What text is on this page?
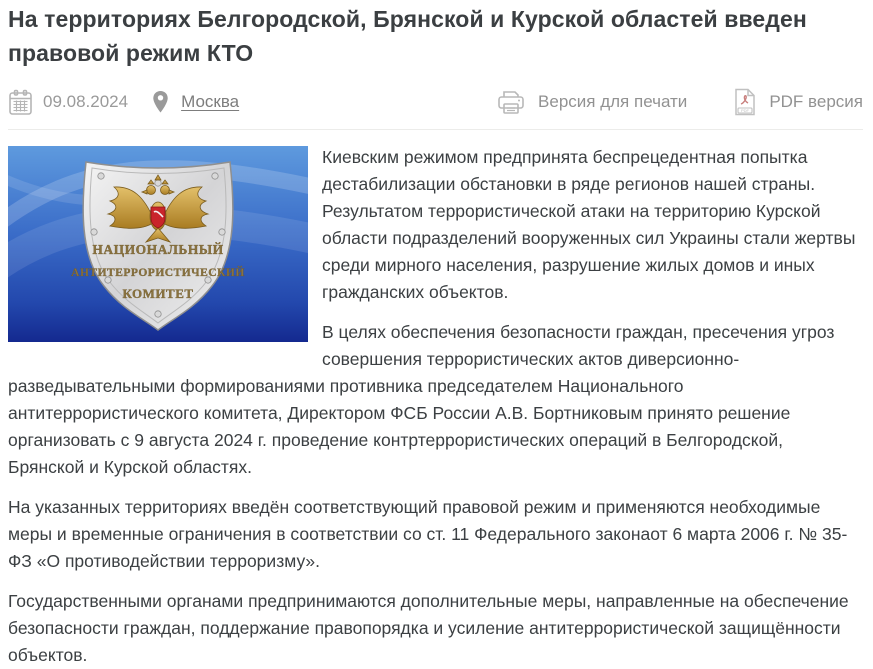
На территориях Белгородской, Брянской и Курской областей введен правовой режим КТО
09.08.2024	Москва	Версия для печати	PDF PDF версия
НАЦИОНАЛЬНЫЙ
АНТИТЕРРОРИСТИЧЕСКИЙ
КОМИТЕТ

Киевским режимом предпринята беспрецедентная попытка дестабилизации обстановки в ряде регионов нашей страны. Результатом террористической атаки на территорию Курской области подразделений вооруженных сил Украины стали жертвы среди мирного населения, разрушение жилых домов и иных гражданских объектов.

В целях обеспечения безопасности граждан, пресечения угроз совершения террористических актов диверсионно-разведывательными формированиями противника председателем Национального антитеррористического комитета, Директором ФСБ России А.В. Бортниковым принято решение организовать с 9 августа 2024 г. проведение контртеррористических операций в Белгородской, Брянской и Курской областях.

На указанных территориях введён соответствующий правовой режим и применяются необходимые меры и временные ограничения в соответствии со ст. 11 Федерального законаот 6 марта 2006 г. № 35-ФЗ «О противодействии терроризму».

Государственными органами предпринимаются дополнительные меры, направленные на обеспечение безопасности граждан, поддержание правопорядка и усиление антитеррористической защищённости объектов.
